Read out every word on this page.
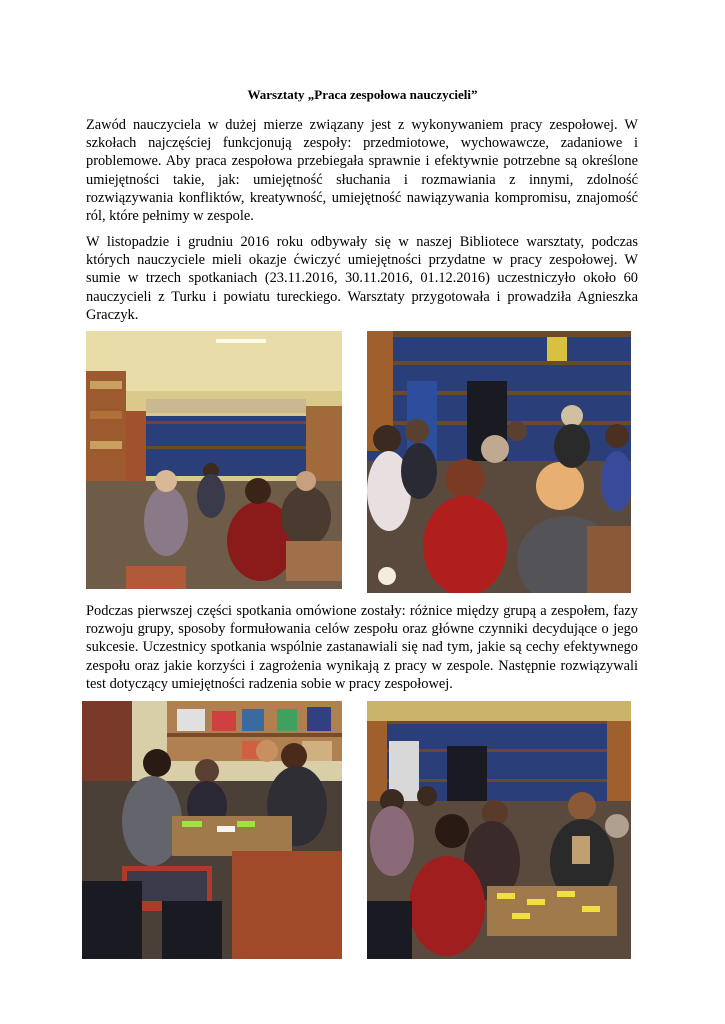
Warsztaty „Praca zespołowa nauczycieli”

Zawód nauczyciela w dużej mierze związany jest z wykonywaniem pracy zespołowej. W szkołach najczęściej funkcjonują zespoły: przedmiotowe, wychowawcze, zadaniowe i problemowe. Aby praca zespołowa przebiegała sprawnie i efektywnie potrzebne są określone umiejętności takie, jak: umiejętność słuchania i rozmawiania z innymi, zdolność rozwiązywania konfliktów, kreatywność, umiejętność nawiązywania kompromisu, znajomość ról, które pełnimy w zespole.

W listopadzie i grudniu 2016 roku odbywały się w naszej Bibliotece warsztaty, podczas których nauczyciele mieli okazje ćwiczyć umiejętności przydatne w pracy zespołowej. W sumie w trzech spotkaniach (23.11.2016, 30.11.2016, 01.12.2016) uczestniczyło około 60 nauczycieli z Turku i powiatu tureckiego. Warsztaty przygotowała i prowadziła Agnieszka Graczyk.

Podczas pierwszej części spotkania omówione zostały: różnice między grupą a zespołem, fazy rozwoju grupy, sposoby formułowania celów zespołu oraz główne czynniki decydujące o jego sukcesie. Uczestnicy spotkania wspólnie zastanawiali się nad tym, jakie są cechy efektywnego zespołu oraz jakie korzyści i zagrożenia wynikają z pracy w zespole. Następnie rozwiązywali test dotyczący umiejętności radzenia sobie w pracy zespołowej.
